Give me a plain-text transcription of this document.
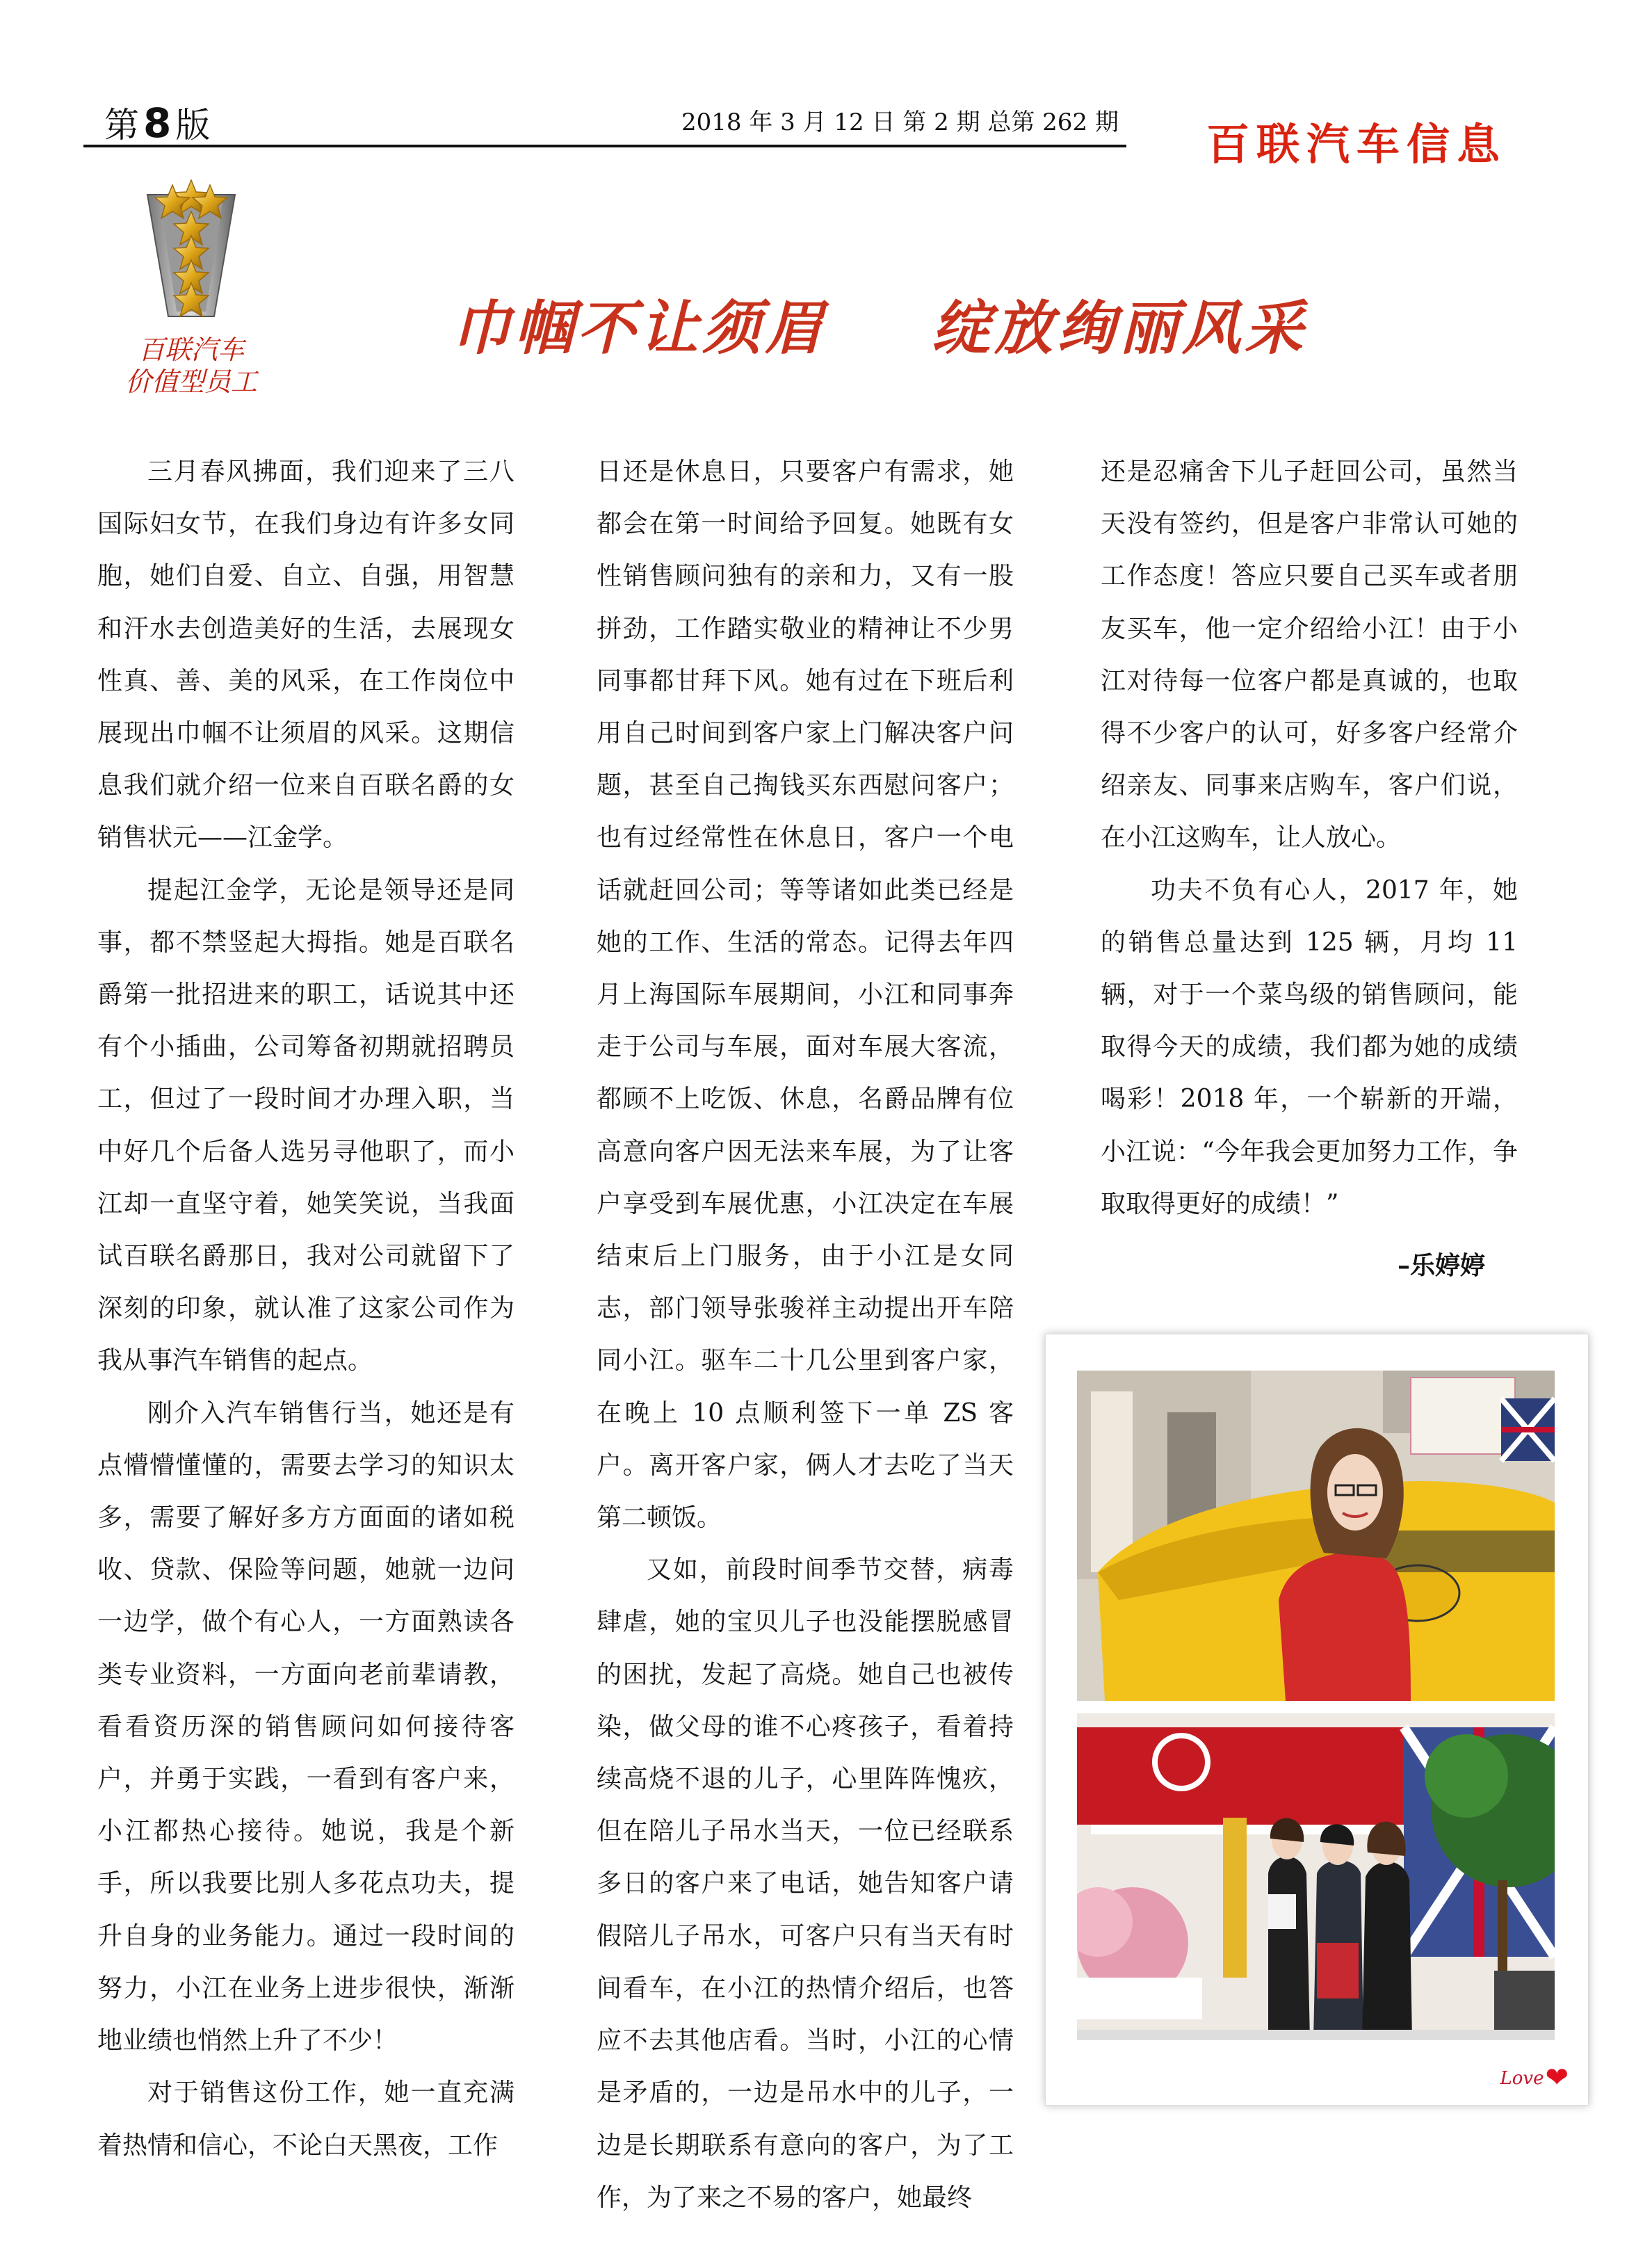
第 8 版	2018 年 3 月 12 日 第 2 期 总第 262 期 百联汽车信息
百联汽车
价值型员工
巾帼不让须眉 绽放绚丽风采

三月春风拂面，我们迎来了三八国际妇女节，在我们身边有许多女同胞，她们自爱、自立、自强，用智慧和汗水去创造美好的生活，去展现女性真、善、美的风采，在工作岗位中展现出巾帼不让须眉的风采。这期信息我们就介绍一位来自百联名爵的女销售状元——江金学。

提起江金学，无论是领导还是同事，都不禁竖起大拇指。她是百联名爵第一批招进来的职工，话说其中还有个小插曲，公司筹备初期就招聘员工，但过了一段时间才办理入职，当中好几个后备人选另寻他职了，而小江却一直坚守着，她笑笑说，当我面试百联名爵那日，我对公司就留下了深刻的印象，就认准了这家公司作为我从事汽车销售的起点。

刚介入汽车销售行当，她还是有点懵懵懂懂的，需要去学习的知识太多，需要了解好多方方面面的诸如税收、贷款、保险等问题，她就一边问一边学，做个有心人，一方面熟读各类专业资料，一方面向老前辈请教，看看资历深的销售顾问如何接待客户，并勇于实践，一看到有客户来，小江都热心接待。她说，我是个新手，所以我要比别人多花点功夫，提升自身的业务能力。通过一段时间的努力，小江在业务上进步很快，渐渐地业绩也悄然上升了不少！

对于销售这份工作，她一直充满着热情和信心，不论白天黑夜，工作

日还是休息日，只要客户有需求，她都会在第一时间给予回复。她既有女性销售顾问独有的亲和力，又有一股拼劲，工作踏实敬业的精神让不少男同事都甘拜下风。她有过在下班后利用自己时间到客户家上门解决客户问题，甚至自己掏钱买东西慰问客户；也有过经常性在休息日，客户一个电话就赶回公司；等等诸如此类已经是她的工作、生活的常态。记得去年四月上海国际车展期间，小江和同事奔走于公司与车展，面对车展大客流，都顾不上吃饭、休息，名爵品牌有位高意向客户因无法来车展，为了让客户享受到车展优惠，小江决定在车展结束后上门服务，由于小江是女同志，部门领导张骏祥主动提出开车陪同小江。驱车二十几公里到客户家，在晚上 10 点顺利签下一单 ZS 客户。离开客户家，俩人才去吃了当天第二顿饭。

又如，前段时间季节交替，病毒肆虐，她的宝贝儿子也没能摆脱感冒的困扰，发起了高烧。她自己也被传染，做父母的谁不心疼孩子，看着持续高烧不退的儿子，心里阵阵愧疚，但在陪儿子吊水当天，一位已经联系多日的客户来了电话，她告知客户请假陪儿子吊水，可客户只有当天有时间看车，在小江的热情介绍后，也答应不去其他店看。当时，小江的心情是矛盾的，一边是吊水中的儿子，一边是长期联系有意向的客户，为了工作，为了来之不易的客户，她最终

还是忍痛舍下儿子赶回公司，虽然当天没有签约，但是客户非常认可她的工作态度！答应只要自己买车或者朋友买车，他一定介绍给小江！由于小江对待每一位客户都是真诚的，也取得不少客户的认可，好多客户经常介绍亲友、同事来店购车，客户们说，在小江这购车，让人放心。

功夫不负有心人，2017 年，她的销售总量达到 125 辆，月均 11 辆，对于一个菜鸟级的销售顾问，能取得今天的成绩，我们都为她的成绩喝彩！2018 年，一个崭新的开端，小江说：“今年我会更加努力工作，争取取得更好的成绩！”

–乐婷婷
Love❤
